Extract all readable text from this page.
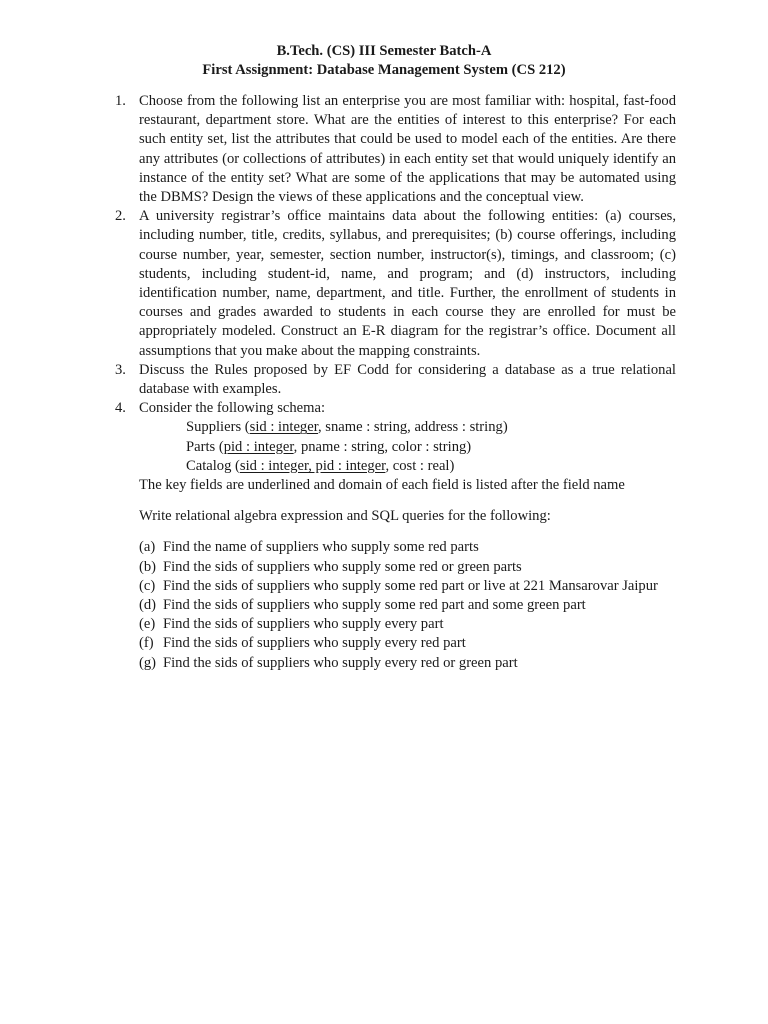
B.Tech. (CS) III Semester Batch-A
First Assignment: Database Management System (CS 212)
1. Choose from the following list an enterprise you are most familiar with: hospital, fast-food restaurant, department store. What are the entities of interest to this enterprise? For each such entity set, list the attributes that could be used to model each of the entities. Are there any attributes (or collections of attributes) in each entity set that would uniquely identify an instance of the entity set? What are some of the applications that may be automated using the DBMS? Design the views of these applications and the conceptual view.
2. A university registrar’s office maintains data about the following entities: (a) courses, including number, title, credits, syllabus, and prerequisites; (b) course offerings, including course number, year, semester, section number, instructor(s), timings, and classroom; (c) students, including student-id, name, and program; and (d) instructors, including identification number, name, department, and title. Further, the enrollment of students in courses and grades awarded to students in each course they are enrolled for must be appropriately modeled. Construct an E-R diagram for the registrar’s office. Document all assumptions that you make about the mapping constraints.
3. Discuss the Rules proposed by EF Codd for considering a database as a true relational database with examples.
4. Consider the following schema:
Suppliers (sid : integer, sname : string, address : string)
Parts (pid : integer, pname : string, color : string)
Catalog (sid : integer, pid : integer, cost : real)
The key fields are underlined and domain of each field is listed after the field name
Write relational algebra expression and SQL queries for the following:
(a) Find the name of suppliers who supply some red parts
(b) Find the sids of suppliers who supply some red or green parts
(c) Find the sids of suppliers who supply some red part or live at 221 Mansarovar Jaipur
(d) Find the sids of suppliers who supply some red part and some green part
(e) Find the sids of suppliers who supply every part
(f) Find the sids of suppliers who supply every red part
(g) Find the sids of suppliers who supply every red or green part
